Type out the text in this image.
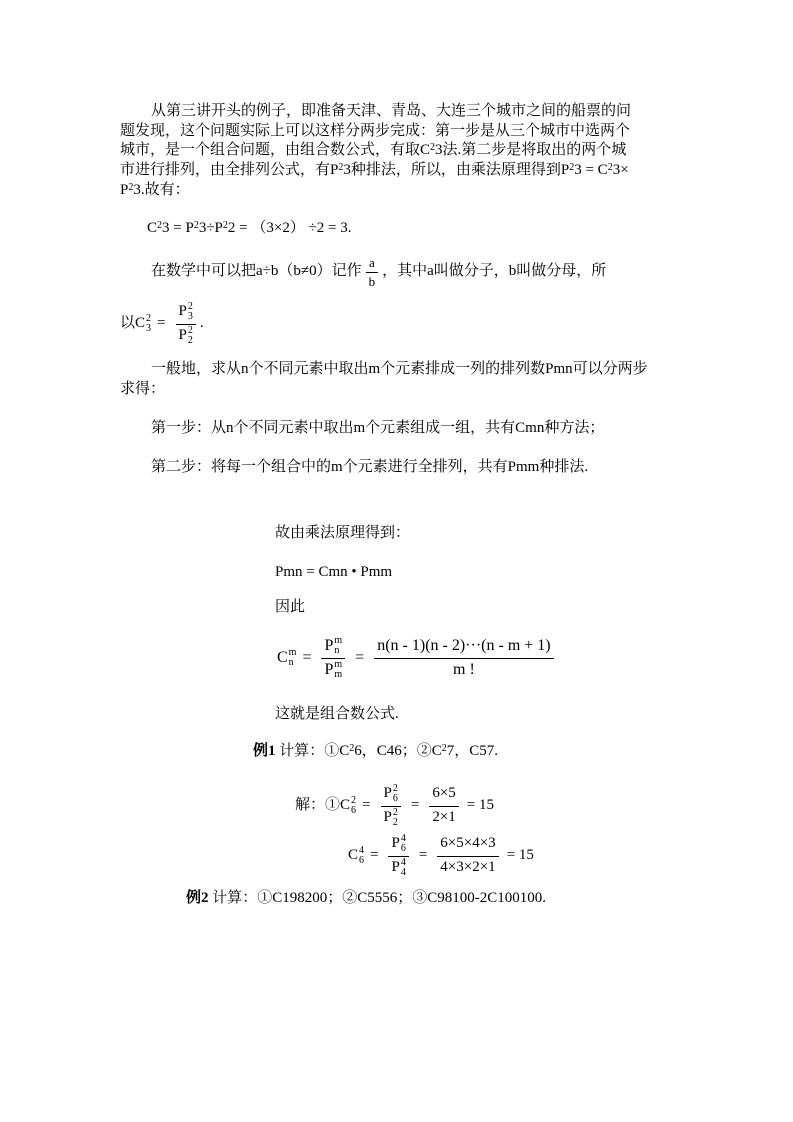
从第三讲开头的例子，即准备天津、青岛、大连三个城市之间的船票的问
题发现，这个问题实际上可以这样分两步完成：第一步是从三个城市中选两个
城市，是一个组合问题，由组合数公式，有取$C^23$法.第二步是将取出的两个城
市进行排列，由全排列公式，有$P^23$种排法，所以，由乘法原理得到$P^23 = C^23\times$
$P^23$.故有：
$C^23 = P^23\div P^22 = (3\times 2) \div 2 = 3$.
在数学中可以把a÷b（b≠0）记作 $\frac{a}{b}$ ，其中a叫做分子，b叫做分母，所
以 C 2
3 = P 2
3
P 2
2 .
一般地，求从n个不同元素中取出m个元素排成一列的排列数Pmn可以分两步
求得：
第一步：从n个不同元素中取出m个元素组成一组，共有Cmn种方法；
第二步：将每一个组合中的m个元素进行全排列，共有Pmm种排法.
故由乘法原理得到：
Pmn = Cmn • Pmm
因此
C m
n = P m
n
P m
$m = \frac{n(n - 1)(n - 2)\cdot\cdot\cdot(n - m + 1)}{m !}$
这就是组合数公式.
例1 计算：$①C^26$，C46；$②C^27$，C57.
解：① C 2
6 = P 2
6
P 2
$2 = \frac{6\times 5}{2\times 1} = 15$
C 4
6 = P 4
6
P 4
$4 = \frac{6\times 5\times 4\times 3}{4\times 3\times 2\times 1} = 15$
例2 计算：①C198200；②C5556；③C98100-2C100100.
